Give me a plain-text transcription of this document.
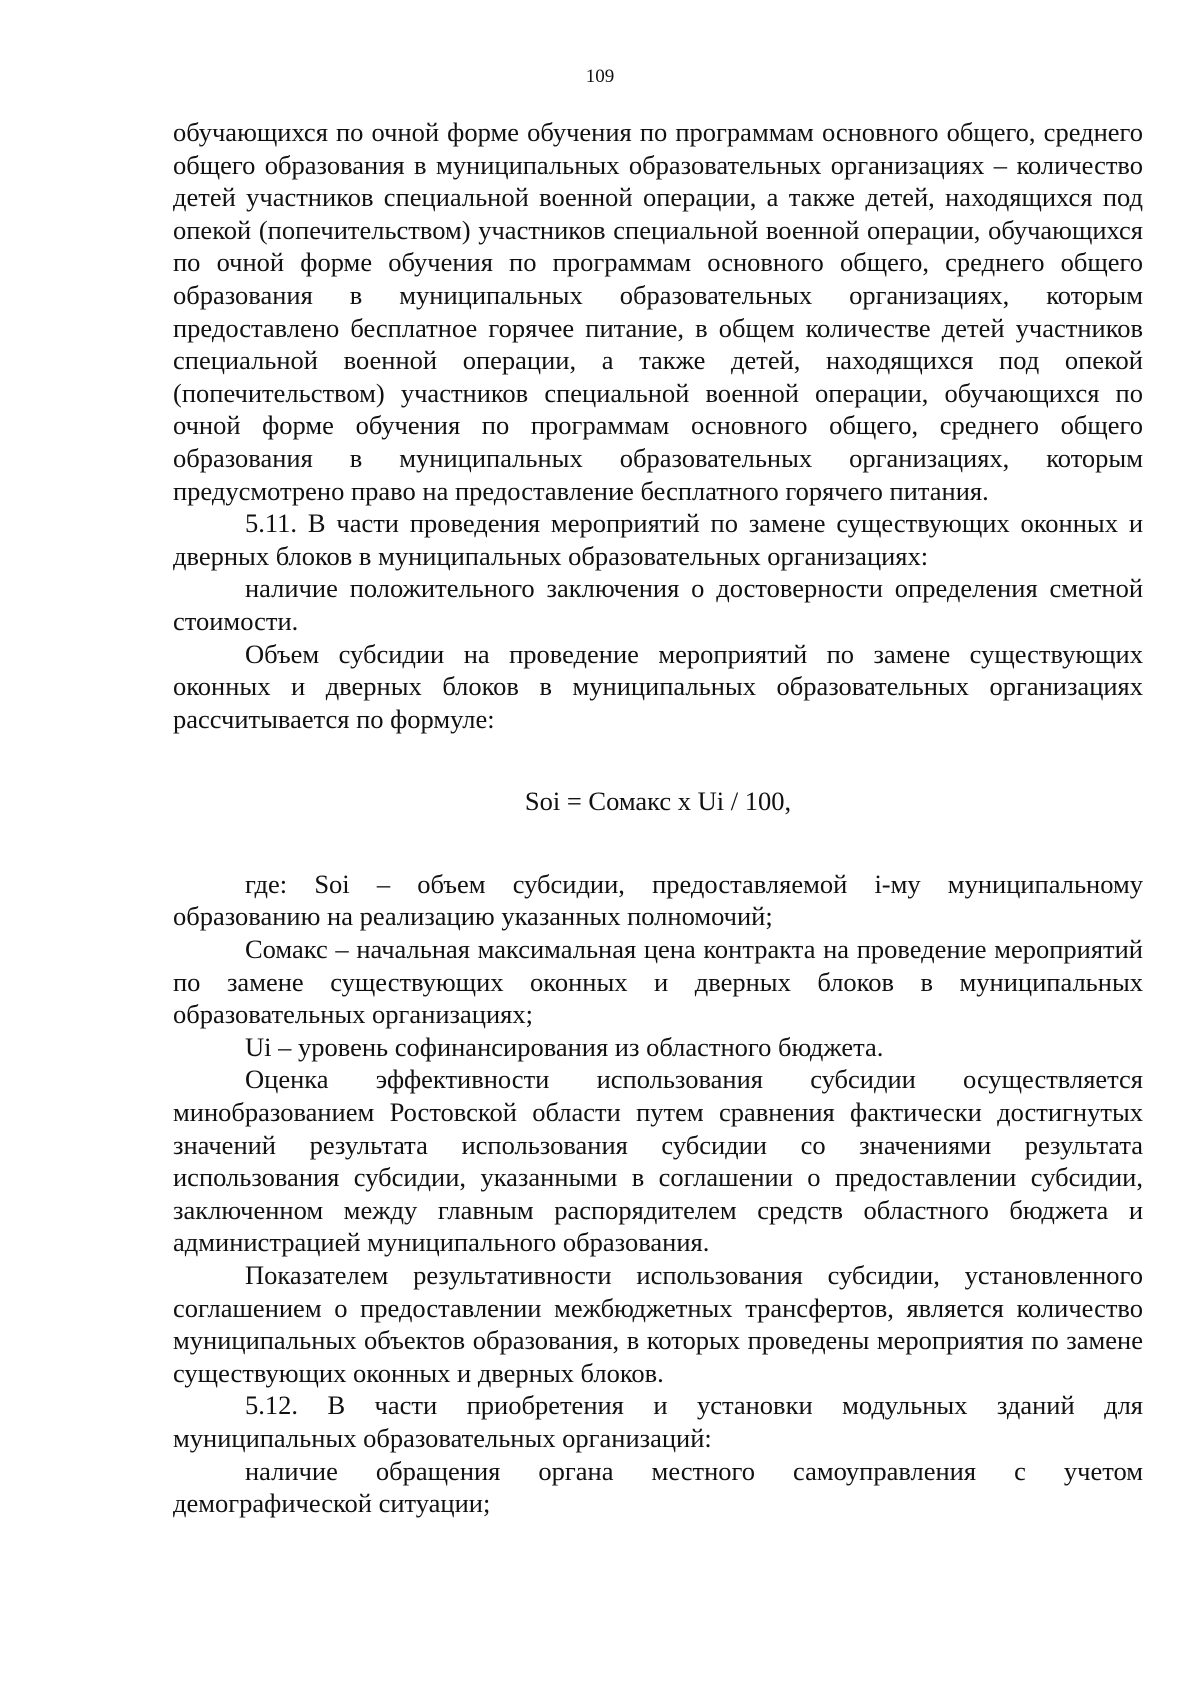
109

обучающихся по очной форме обучения по программам основного общего, среднего общего образования в муниципальных образовательных организациях – количество детей участников специальной военной операции, а также детей, находящихся под опекой (попечительством) участников специальной военной операции, обучающихся по очной форме обучения по программам основного общего, среднего общего образования в муниципальных образовательных организациях, которым предоставлено бесплатное горячее питание, в общем количестве детей участников специальной военной операции, а также детей, находящихся под опекой (попечительством) участников специальной военной операции, обучающихся по очной форме обучения по программам основного общего, среднего общего образования в муниципальных образовательных организациях, которым предусмотрено право на предоставление бесплатного горячего питания.

5.11. В части проведения мероприятий по замене существующих оконных и дверных блоков в муниципальных образовательных организациях:

наличие положительного заключения о достоверности определения сметной стоимости.

Объем субсидии на проведение мероприятий по замене существующих оконных и дверных блоков в муниципальных образовательных организациях рассчитывается по формуле:

Soi = Сомакс x Ui / 100,

где: Soi – объем субсидии, предоставляемой i-му муниципальному образованию на реализацию указанных полномочий;

Сомакс – начальная максимальная цена контракта на проведение мероприятий по замене существующих оконных и дверных блоков в муниципальных образовательных организациях;

Ui – уровень софинансирования из областного бюджета.

Оценка эффективности использования субсидии осуществляется минобразованием Ростовской области путем сравнения фактически достигнутых значений результата использования субсидии со значениями результата использования субсидии, указанными в соглашении о предоставлении субсидии, заключенном между главным распорядителем средств областного бюджета и администрацией муниципального образования.

Показателем результативности использования субсидии, установленного соглашением о предоставлении межбюджетных трансфертов, является количество муниципальных объектов образования, в которых проведены мероприятия по замене существующих оконных и дверных блоков.

5.12. В части приобретения и установки модульных зданий для муниципальных образовательных организаций:

наличие обращения органа местного самоуправления с учетом демографической ситуации;
